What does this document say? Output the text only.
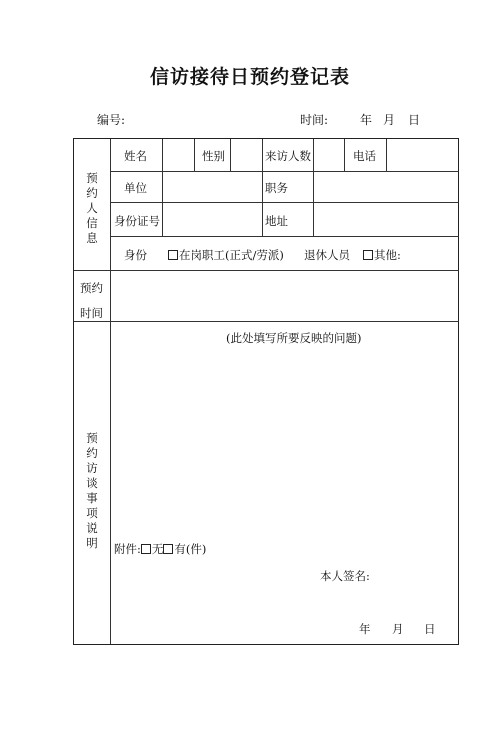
信访接待日预约登记表
编号:	时间:	年 月 日
预约人信息
姓名	性别	来访人数	电话
单位	职务
身份证号	地址
身份	在岗职工(正式/劳派) 退休人员	其他:
预约
时间
预约访谈事项说明
(此处填写所要反映的问题)
附件: 无 有(件)
本人签名:
年 月 日
